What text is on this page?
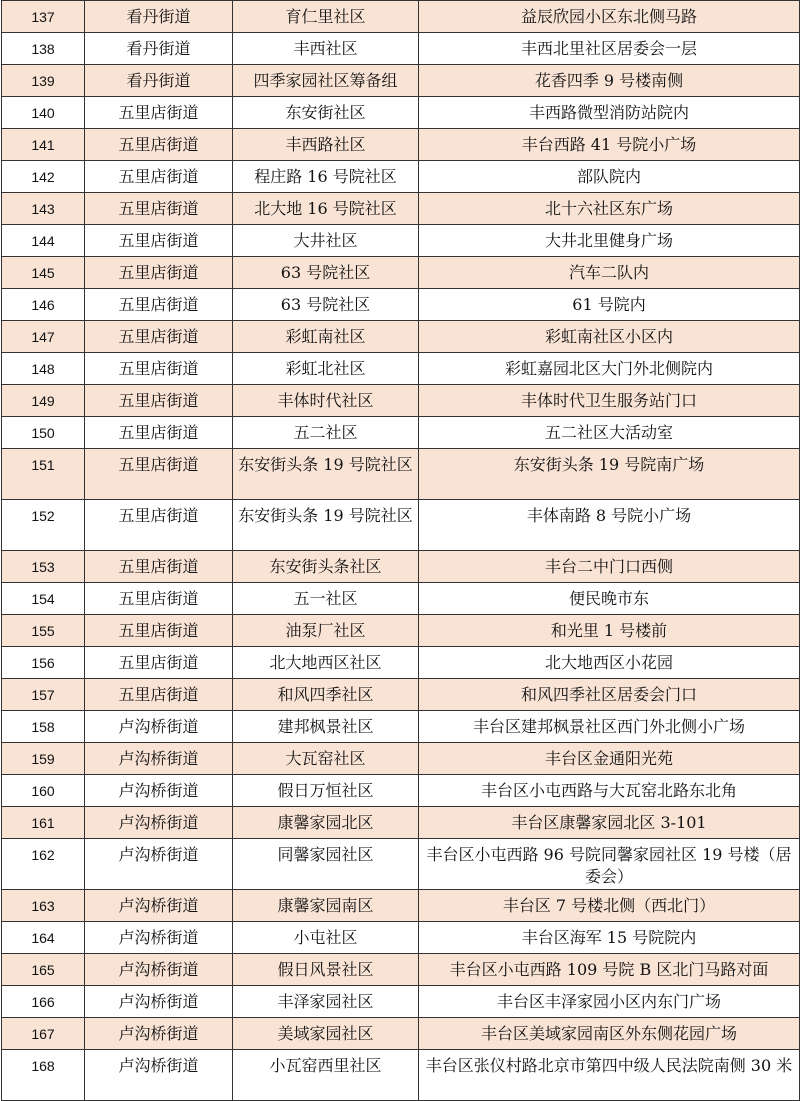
137	看丹街道	育仁里社区	益辰欣园小区东北侧马路
138	看丹街道	丰西社区	丰西北里社区居委会一层
139	看丹街道	四季家园社区筹备组	花香四季 9 号楼南侧
140	五里店街道	东安街社区	丰西路微型消防站院内
141	五里店街道	丰西路社区	丰台西路 41 号院小广场
142	五里店街道	程庄路 16 号院社区	部队院内
143	五里店街道	北大地 16 号院社区	北十六社区东广场
144	五里店街道	大井社区	大井北里健身广场
145	五里店街道	63 号院社区	汽车二队内
146	五里店街道	63 号院社区	61 号院内
147	五里店街道	彩虹南社区	彩虹南社区小区内
148	五里店街道	彩虹北社区	彩虹嘉园北区大门外北侧院内
149	五里店街道	丰体时代社区	丰体时代卫生服务站门口
150	五里店街道	五二社区	五二社区大活动室
151	五里店街道	东安街头条 19 号院社区	东安街头条 19 号院南广场
152	五里店街道	东安街头条 19 号院社区	丰体南路 8 号院小广场
153	五里店街道	东安街头条社区	丰台二中门口西侧
154	五里店街道	五一社区	便民晚市东
155	五里店街道	油泵厂社区	和光里 1 号楼前
156	五里店街道	北大地西区社区	北大地西区小花园
157	五里店街道	和风四季社区	和风四季社区居委会门口
158	卢沟桥街道	建邦枫景社区	丰台区建邦枫景社区西门外北侧小广场
159	卢沟桥街道	大瓦窑社区	丰台区金通阳光苑
160	卢沟桥街道	假日万恒社区	丰台区小屯西路与大瓦窑北路东北角
161	卢沟桥街道	康馨家园北区	丰台区康馨家园北区 3-101
162	卢沟桥街道	同馨家园社区	丰台区小屯西路 96 号院同馨家园社区 19 号楼（居委会）
163	卢沟桥街道	康馨家园南区	丰台区 7 号楼北侧（西北门）
164	卢沟桥街道	小屯社区	丰台区海军 15 号院院内
165	卢沟桥街道	假日风景社区	丰台区小屯西路 109 号院 B 区北门马路对面
166	卢沟桥街道	丰泽家园社区	丰台区丰泽家园小区内东门广场
167	卢沟桥街道	美域家园社区	丰台区美域家园南区外东侧花园广场
168	卢沟桥街道	小瓦窑西里社区	丰台区张仪村路北京市第四中级人民法院南侧 30 米
